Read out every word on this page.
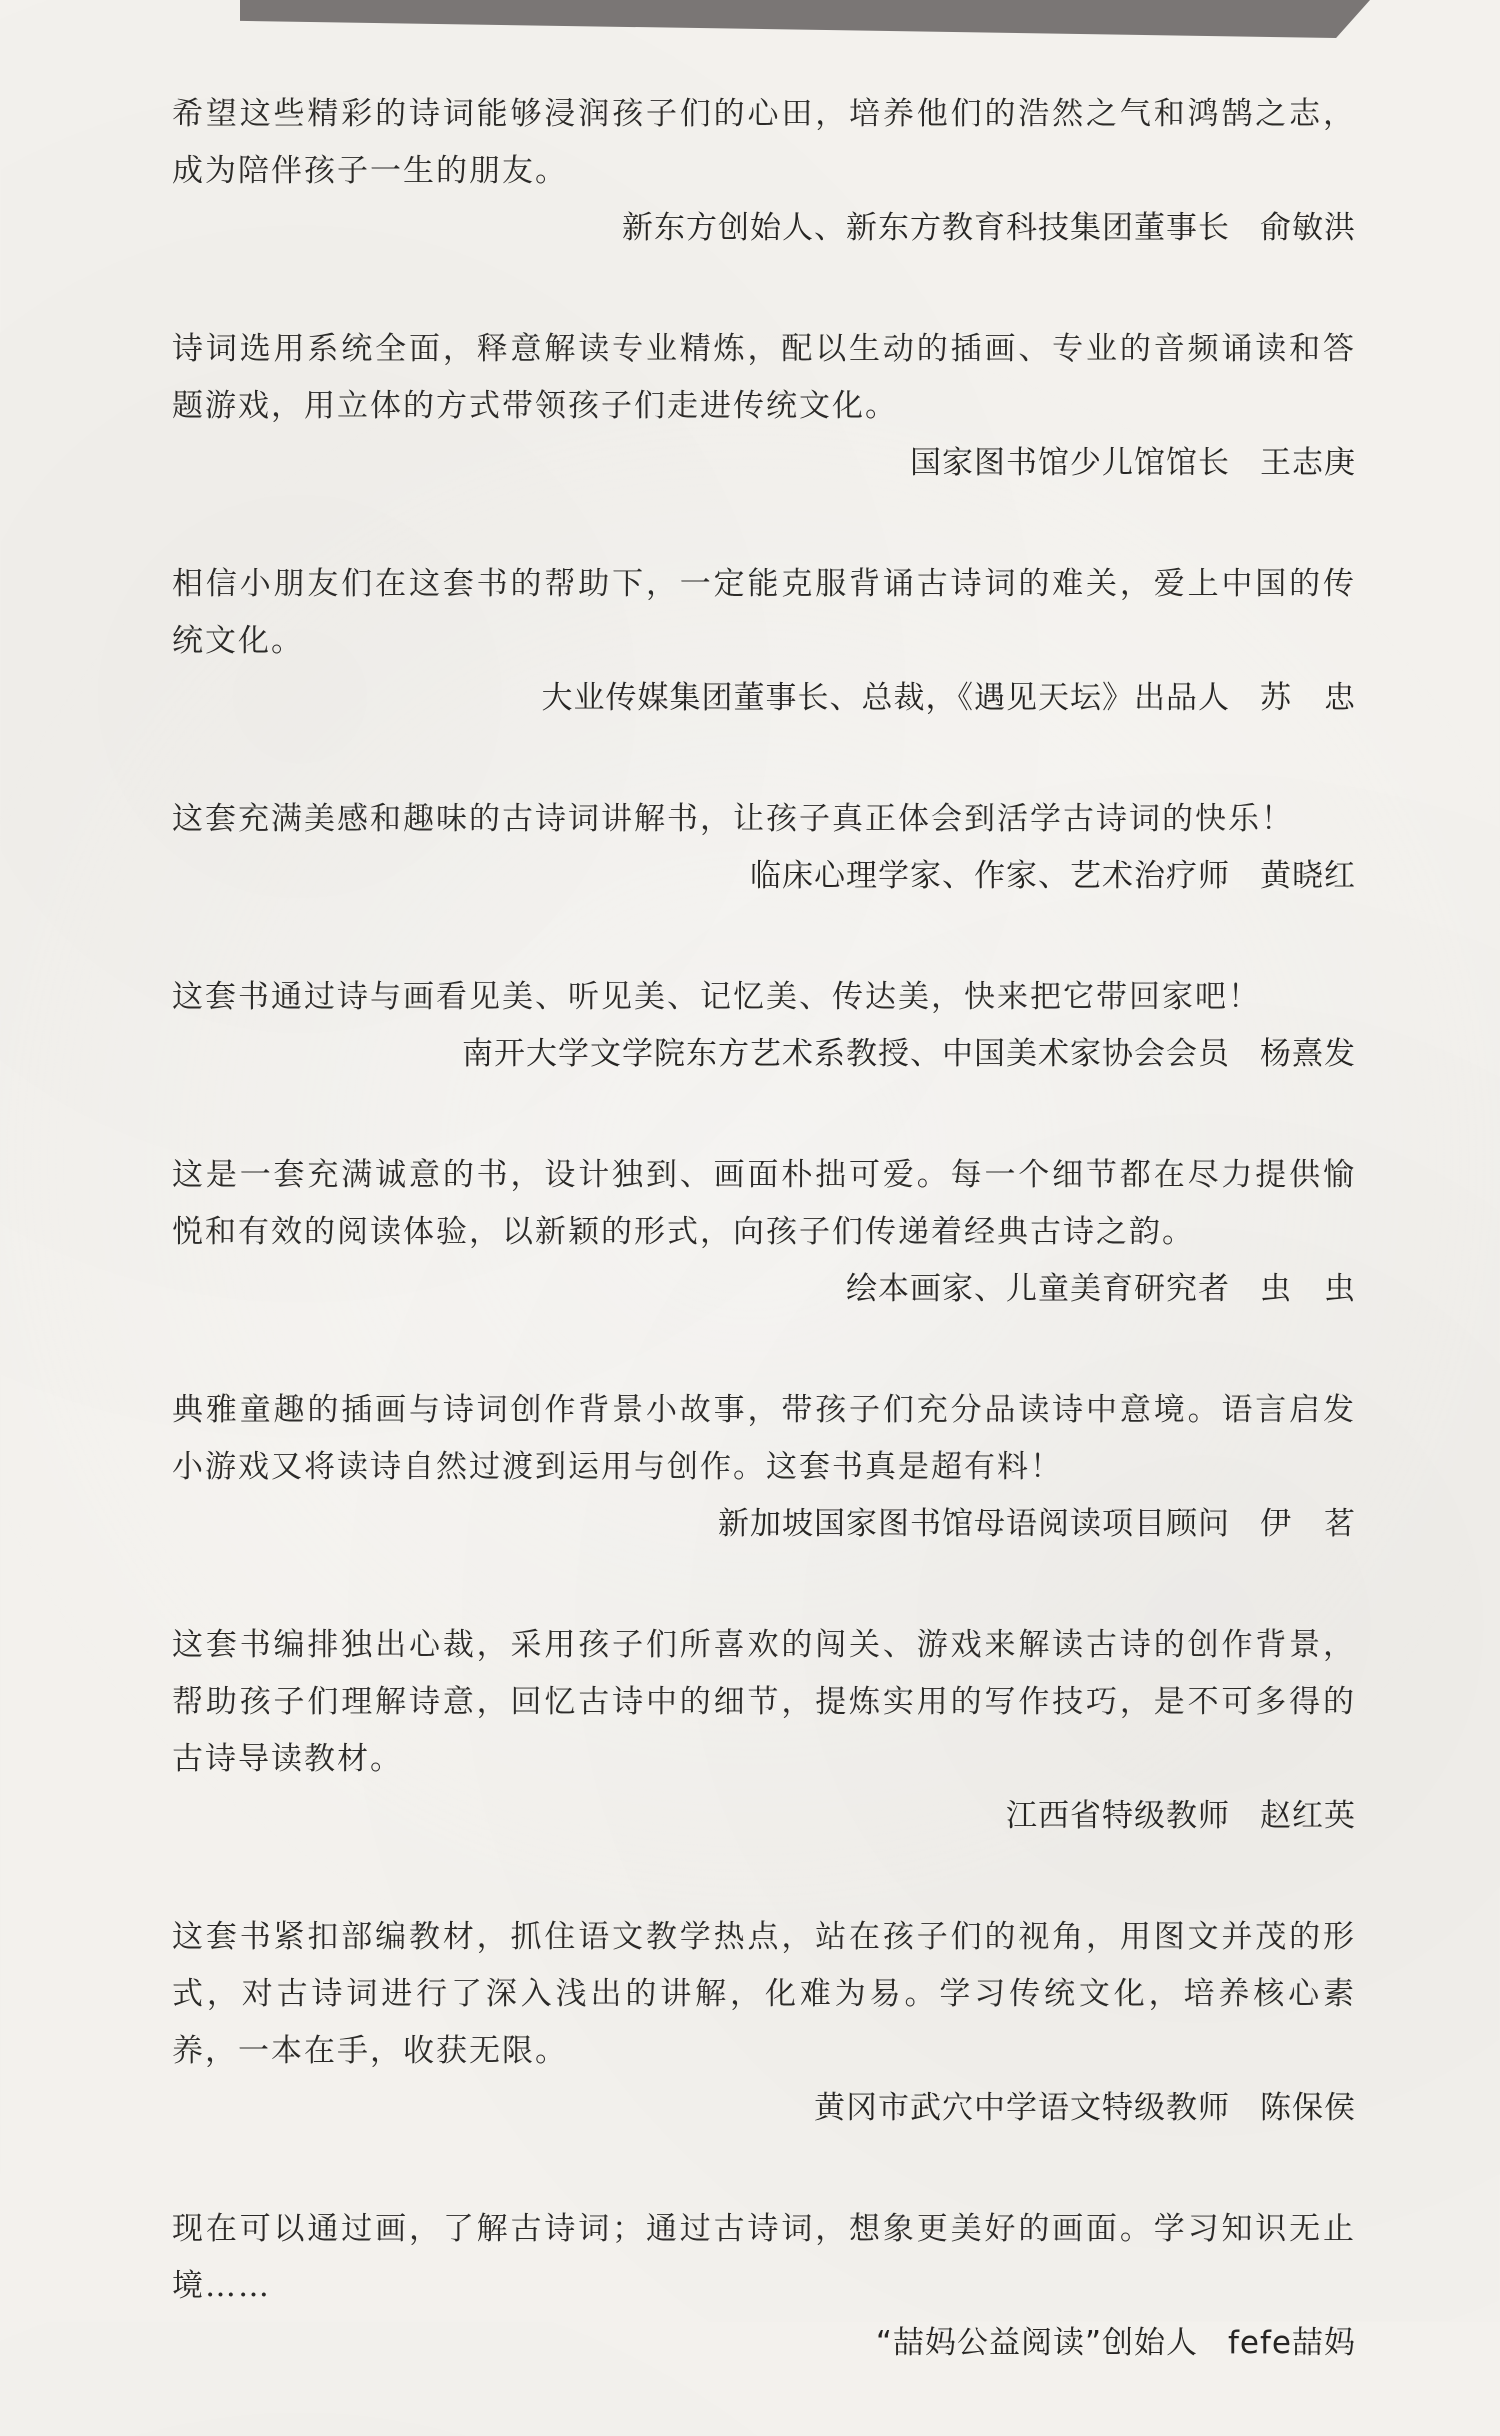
希望这些精彩的诗词能够浸润孩子们的心田，培养他们的浩然之气和鸿鹄之志，成为陪伴孩子一生的朋友。

新东方创始人、新东方教育科技集团董事长 俞敏洪

诗词选用系统全面，释意解读专业精炼，配以生动的插画、专业的音频诵读和答题游戏，用立体的方式带领孩子们走进传统文化。

国家图书馆少儿馆馆长 王志庚

相信小朋友们在这套书的帮助下，一定能克服背诵古诗词的难关，爱上中国的传统文化。

大业传媒集团董事长、总裁，《遇见天坛》出品人 苏　忠

这套充满美感和趣味的古诗词讲解书，让孩子真正体会到活学古诗词的快乐！

临床心理学家、作家、艺术治疗师 黄晓红

这套书通过诗与画看见美、听见美、记忆美、传达美，快来把它带回家吧！

南开大学文学院东方艺术系教授、中国美术家协会会员 杨熹发

这是一套充满诚意的书，设计独到、画面朴拙可爱。每一个细节都在尽力提供愉悦和有效的阅读体验，以新颖的形式，向孩子们传递着经典古诗之韵。

绘本画家、儿童美育研究者 虫　虫

典雅童趣的插画与诗词创作背景小故事，带孩子们充分品读诗中意境。语言启发小游戏又将读诗自然过渡到运用与创作。这套书真是超有料！

新加坡国家图书馆母语阅读项目顾问 伊　茗

这套书编排独出心裁，采用孩子们所喜欢的闯关、游戏来解读古诗的创作背景，帮助孩子们理解诗意，回忆古诗中的细节，提炼实用的写作技巧，是不可多得的古诗导读教材。

江西省特级教师 赵红英

这套书紧扣部编教材，抓住语文教学热点，站在孩子们的视角，用图文并茂的形式，对古诗词进行了深入浅出的讲解，化难为易。学习传统文化，培养核心素养，一本在手，收获无限。

黄冈市武穴中学语文特级教师 陈保侯

现在可以通过画，了解古诗词；通过古诗词，想象更美好的画面。学习知识无止境……

“喆妈公益阅读”创始人 fefe喆妈
